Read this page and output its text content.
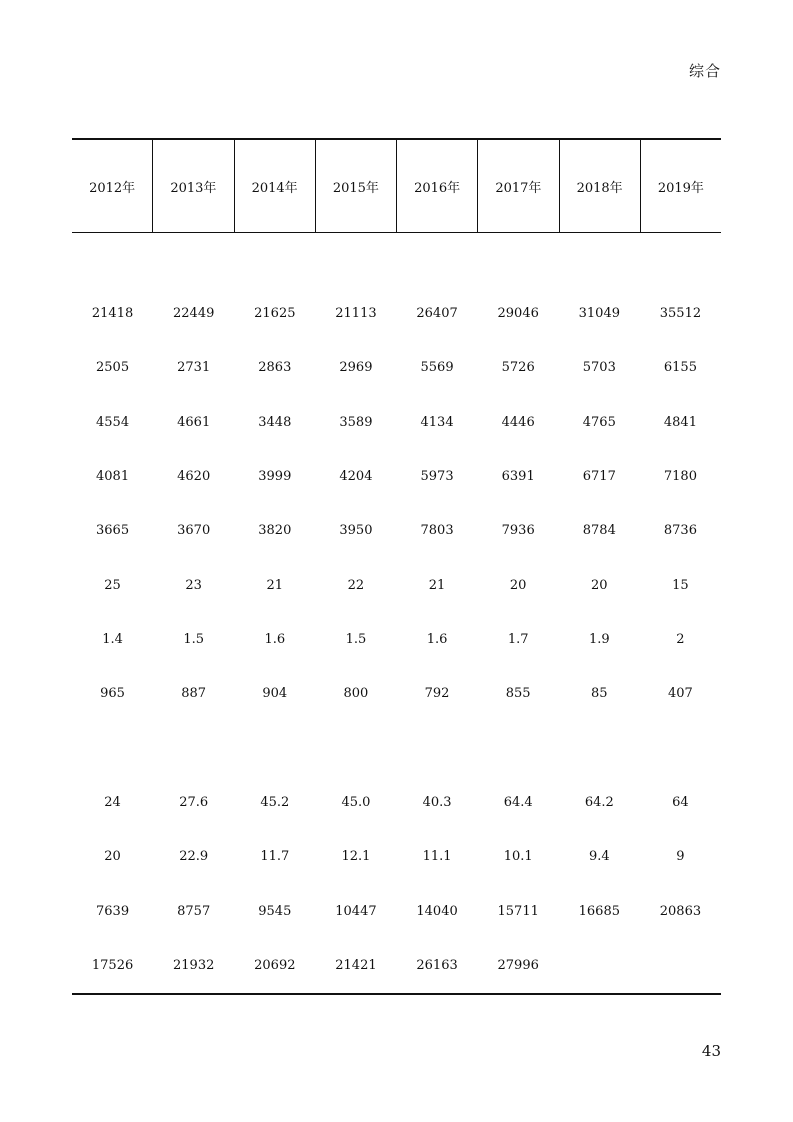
综合
2012年	2013年	2014年	2015年	2016年	2017年	2018年	2019年
21418	22449	21625	21113	26407	29046	31049	35512
2505	2731	2863	2969	5569	5726	5703	6155
4554	4661	3448	3589	4134	4446	4765	4841
4081	4620	3999	4204	5973	6391	6717	7180
3665	3670	3820	3950	7803	7936	8784	8736
25	23	21	22	21	20	20	15
1.4	1.5	1.6	1.5	1.6	1.7	1.9	2
965	887	904	800	792	855	85	407
24	27.6	45.2	45.0	40.3	64.4	64.2	64
20	22.9	11.7	12.1	11.1	10.1	9.4	9
7639	8757	9545	10447	14040	15711	16685	20863
17526	21932	20692	21421	26163	27996
43
